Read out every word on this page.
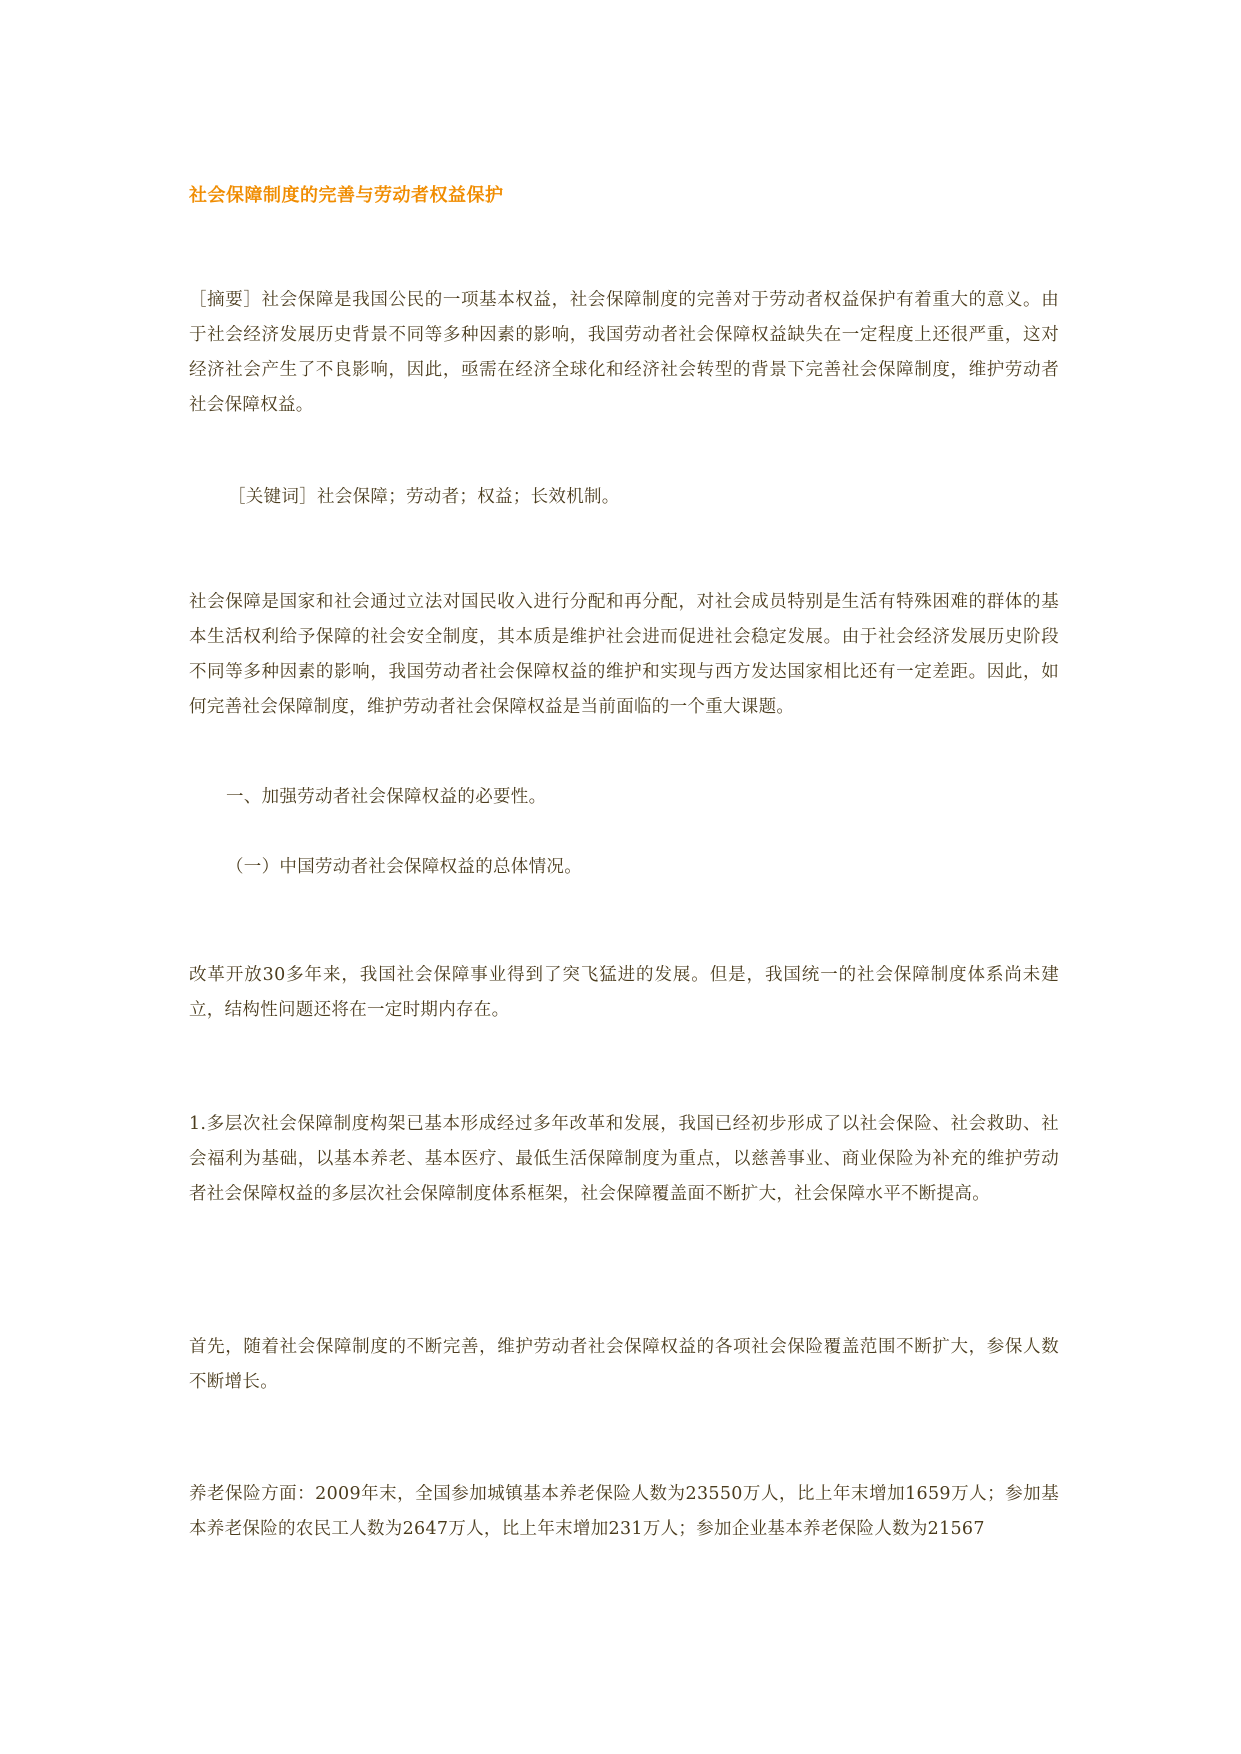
社会保障制度的完善与劳动者权益保护
［摘要］社会保障是我国公民的一项基本权益，社会保障制度的完善对于劳动者权益保护有着重大的意义。由于社会经济发展历史背景不同等多种因素的影响，我国劳动者社会保障权益缺失在一定程度上还很严重，这对经济社会产生了不良影响，因此，亟需在经济全球化和经济社会转型的背景下完善社会保障制度，维护劳动者社会保障权益。
［关键词］社会保障；劳动者；权益；长效机制。
社会保障是国家和社会通过立法对国民收入进行分配和再分配，对社会成员特别是生活有特殊困难的群体的基本生活权利给予保障的社会安全制度，其本质是维护社会进而促进社会稳定发展。由于社会经济发展历史阶段不同等多种因素的影响，我国劳动者社会保障权益的维护和实现与西方发达国家相比还有一定差距。因此，如何完善社会保障制度，维护劳动者社会保障权益是当前面临的一个重大课题。
一、加强劳动者社会保障权益的必要性。
（一）中国劳动者社会保障权益的总体情况。
改革开放30多年来，我国社会保障事业得到了突飞猛进的发展。但是，我国统一的社会保障制度体系尚未建立，结构性问题还将在一定时期内存在。
1.多层次社会保障制度构架已基本形成经过多年改革和发展，我国已经初步形成了以社会保险、社会救助、社会福利为基础，以基本养老、基本医疗、最低生活保障制度为重点，以慈善事业、商业保险为补充的维护劳动者社会保障权益的多层次社会保障制度体系框架，社会保障覆盖面不断扩大，社会保障水平不断提高。
首先，随着社会保障制度的不断完善，维护劳动者社会保障权益的各项社会保险覆盖范围不断扩大，参保人数不断增长。
养老保险方面：2009年末，全国参加城镇基本养老保险人数为23550万人，比上年末增加1659万人；参加基本养老保险的农民工人数为2647万人，比上年末增加231万人；参加企业基本养老保险人数为21567
